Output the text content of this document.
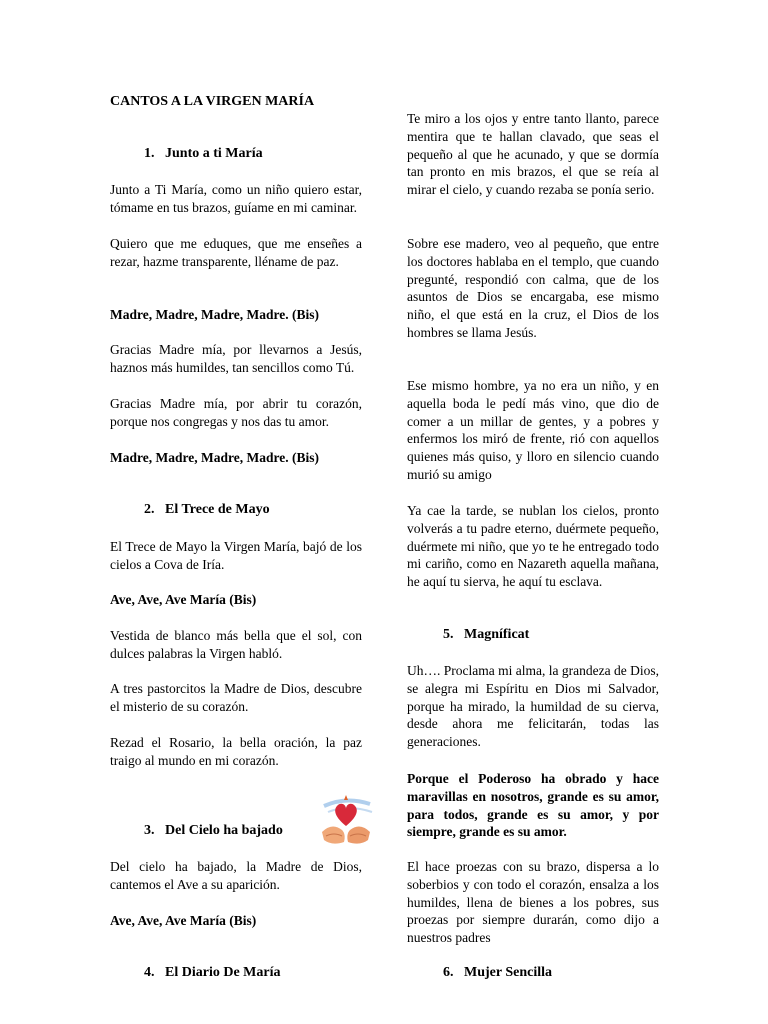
CANTOS A LA VIRGEN MARÍA
1. Junto a ti María

Junto a Ti María, como un niño quiero estar, tómame en tus brazos, guíame en mi caminar.

Quiero que me eduques, que me enseñes a rezar, hazme transparente, lléname de paz.

Madre, Madre, Madre, Madre. (Bis)

Gracias Madre mía, por llevarnos a Jesús, haznos más humildes, tan sencillos como Tú.

Gracias Madre mía, por abrir tu corazón, porque nos congregas y nos das tu amor.

Madre, Madre, Madre, Madre. (Bis)

2. El Trece de Mayo

El Trece de Mayo la Virgen María, bajó de los cielos a Cova de Iría.

Ave, Ave, Ave María (Bis)

Vestida de blanco más bella que el sol, con dulces palabras la Virgen habló.

A tres pastorcitos la Madre de Dios, descubre el misterio de su corazón.

Rezad el Rosario, la bella oración, la paz traigo al mundo en mi corazón.

3. Del Cielo ha bajado

Del cielo ha bajado, la Madre de Dios, cantemos el Ave a su aparición.

Ave, Ave, Ave María (Bis)

4. El Diario De María

Te miro a los ojos y entre tanto llanto, parece mentira que te hallan clavado, que seas el pequeño al que he acunado, y que se dormía tan pronto en mis brazos, el que se reía al mirar el cielo, y cuando rezaba se ponía serio.

Sobre ese madero, veo al pequeño, que entre los doctores hablaba en el templo, que cuando pregunté, respondió con calma, que de los asuntos de Dios se encargaba, ese mismo niño, el que está en la cruz, el Dios de los hombres se llama Jesús.

Ese mismo hombre, ya no era un niño, y en aquella boda le pedí más vino, que dio de comer a un millar de gentes, y a pobres y enfermos los miró de frente, rió con aquellos quienes más quiso, y lloro en silencio cuando murió su amigo

Ya cae la tarde, se nublan los cielos, pronto volverás a tu padre eterno, duérmete pequeño, duérmete mi niño, que yo te he entregado todo mi cariño, como en Nazareth aquella mañana, he aquí tu sierva, he aquí tu esclava.

5. Magníficat

Uh…. Proclama mi alma, la grandeza de Dios, se alegra mi Espíritu en Dios mi Salvador, porque ha mirado, la humildad de su cierva, desde ahora me felicitarán, todas las generaciones.

Porque el Poderoso ha obrado y hace maravillas en nosotros, grande es su amor, para todos, grande es su amor, y por siempre, grande es su amor.

El hace proezas con su brazo, dispersa a lo soberbios y con todo el corazón, ensalza a los humildes, llena de bienes a los pobres, sus proezas por siempre durarán, como dijo a nuestros padres

6. Mujer Sencilla
